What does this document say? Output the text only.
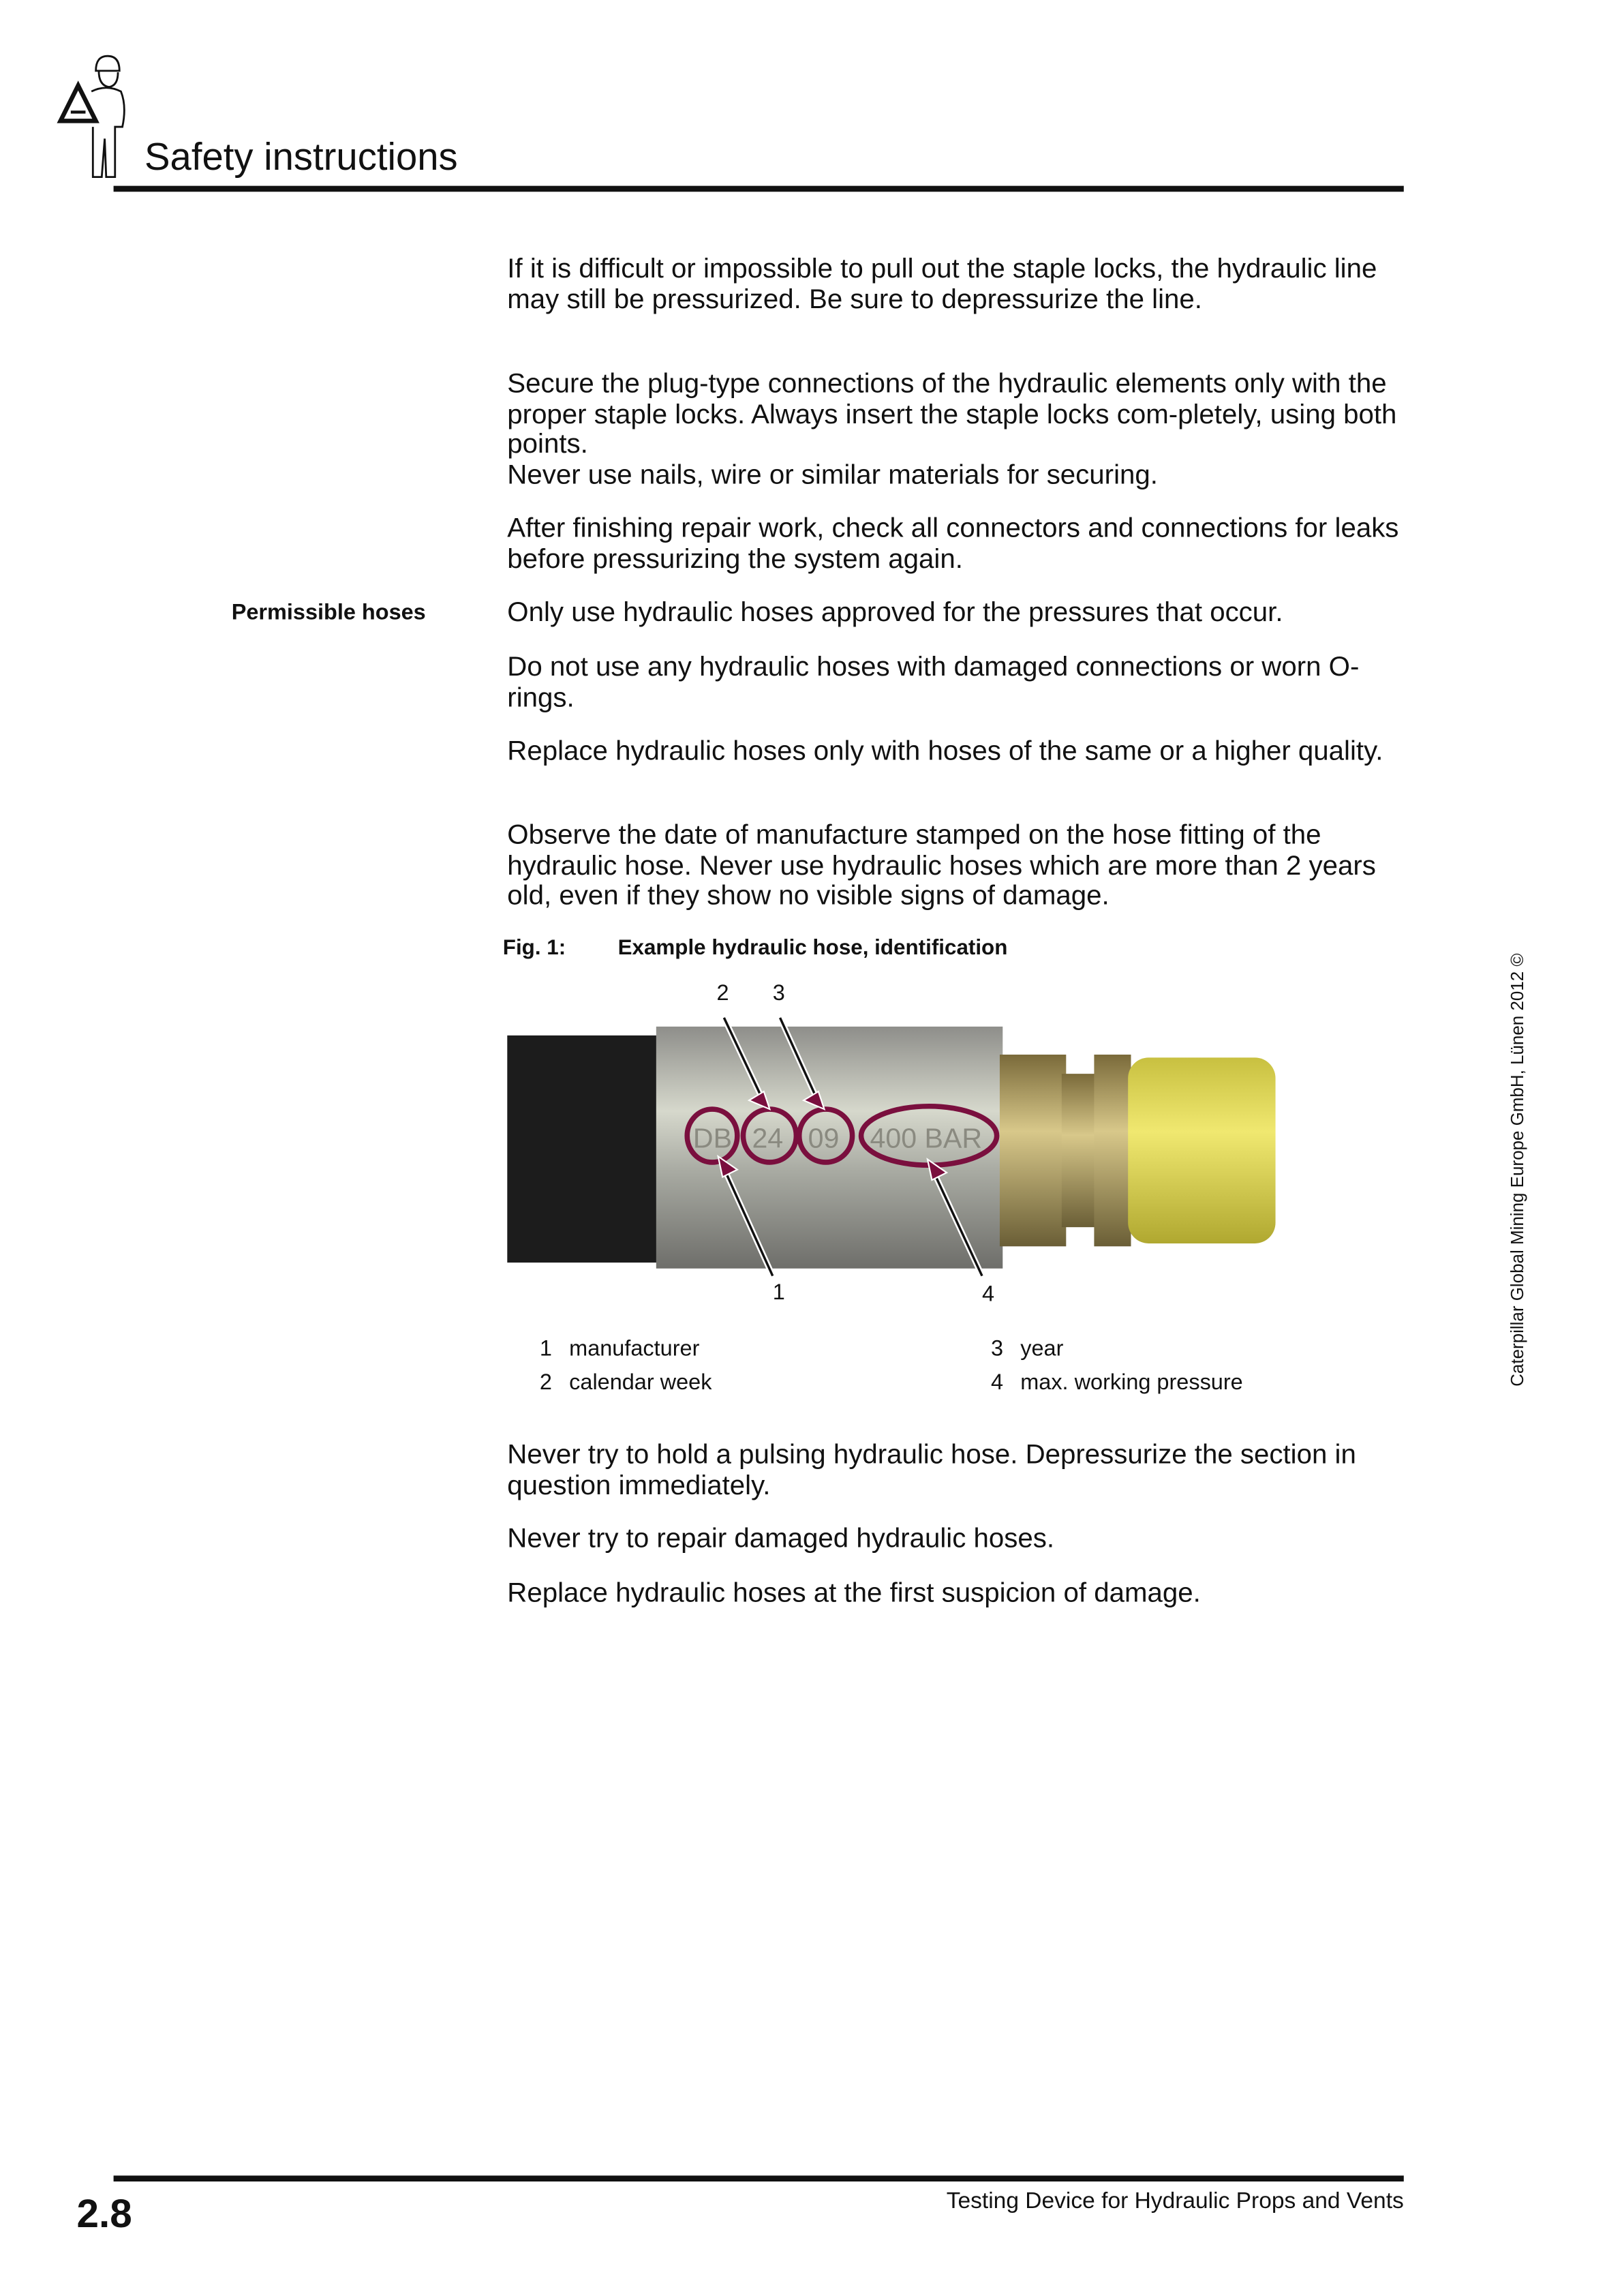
Safety instructions

If it is difficult or impossible to pull out the staple locks, the hydraulic line may still be pressurized. Be sure to depressurize the line.

Secure the plug-type connections of the hydraulic elements only with the proper staple locks. Always insert the staple locks com-pletely, using both points.

Never use nails, wire or similar materials for securing.

After finishing repair work, check all connectors and connections for leaks before pressurizing the system again.

Permissible hoses	Only use hydraulic hoses approved for the pressures that occur.

Do not use any hydraulic hoses with damaged connections or worn O-rings.

Replace hydraulic hoses only with hoses of the same or a higher quality.

Observe the date of manufacture stamped on the hose fitting of the hydraulic hose. Never use hydraulic hoses which are more than 2 years old, even if they show no visible signs of damage.

Fig. 1:	Example hydraulic hose, identification
DB 24 09 400 BAR
2	3
1	4
1 manufacturer
2 calendar week
3 year
4 max. working pressure

Never try to hold a pulsing hydraulic hose. Depressurize the section in question immediately.

Never try to repair damaged hydraulic hoses.

Replace hydraulic hoses at the first suspicion of damage.

Caterpillar Global Mining Europe GmbH, Lünen 2012 ©
2.8	Testing Device for Hydraulic Props and Vents
